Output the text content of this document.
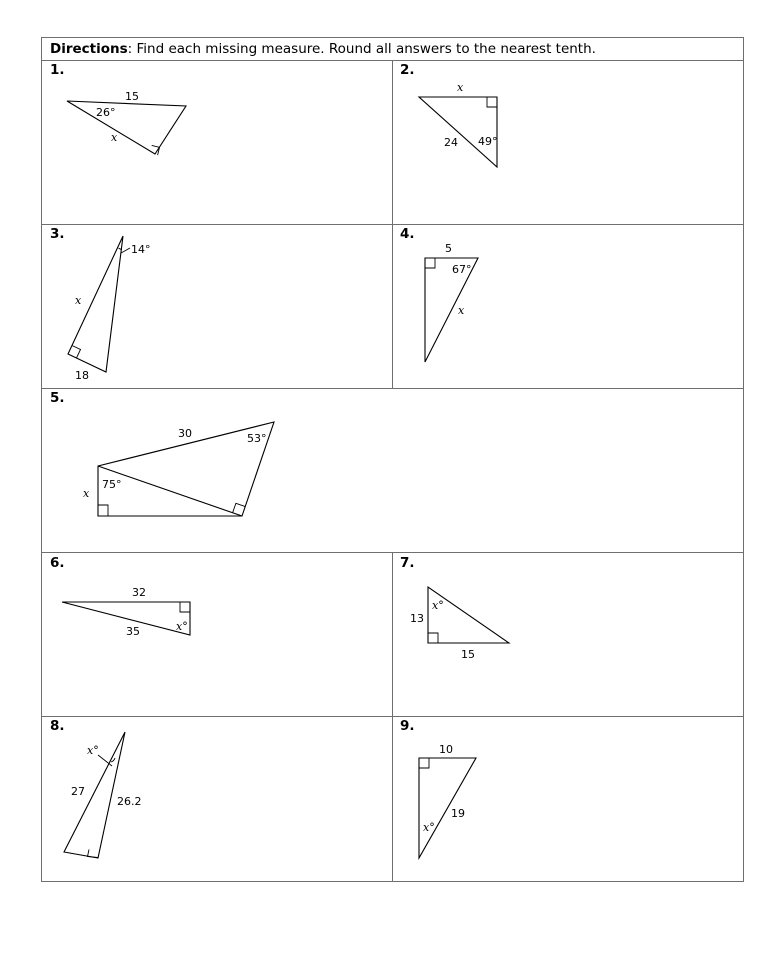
Directions: Find each missing measure. Round all answers to the nearest tenth.
1.	2.
3.	4.
5.
6.	7.
8.	9.
15
26°
x
x
24 49°
14°
x
18
5
67°
x
30	53°
75°
x
32
35	x°
x°
13
15
x°
27
26.2
10
19
x°
